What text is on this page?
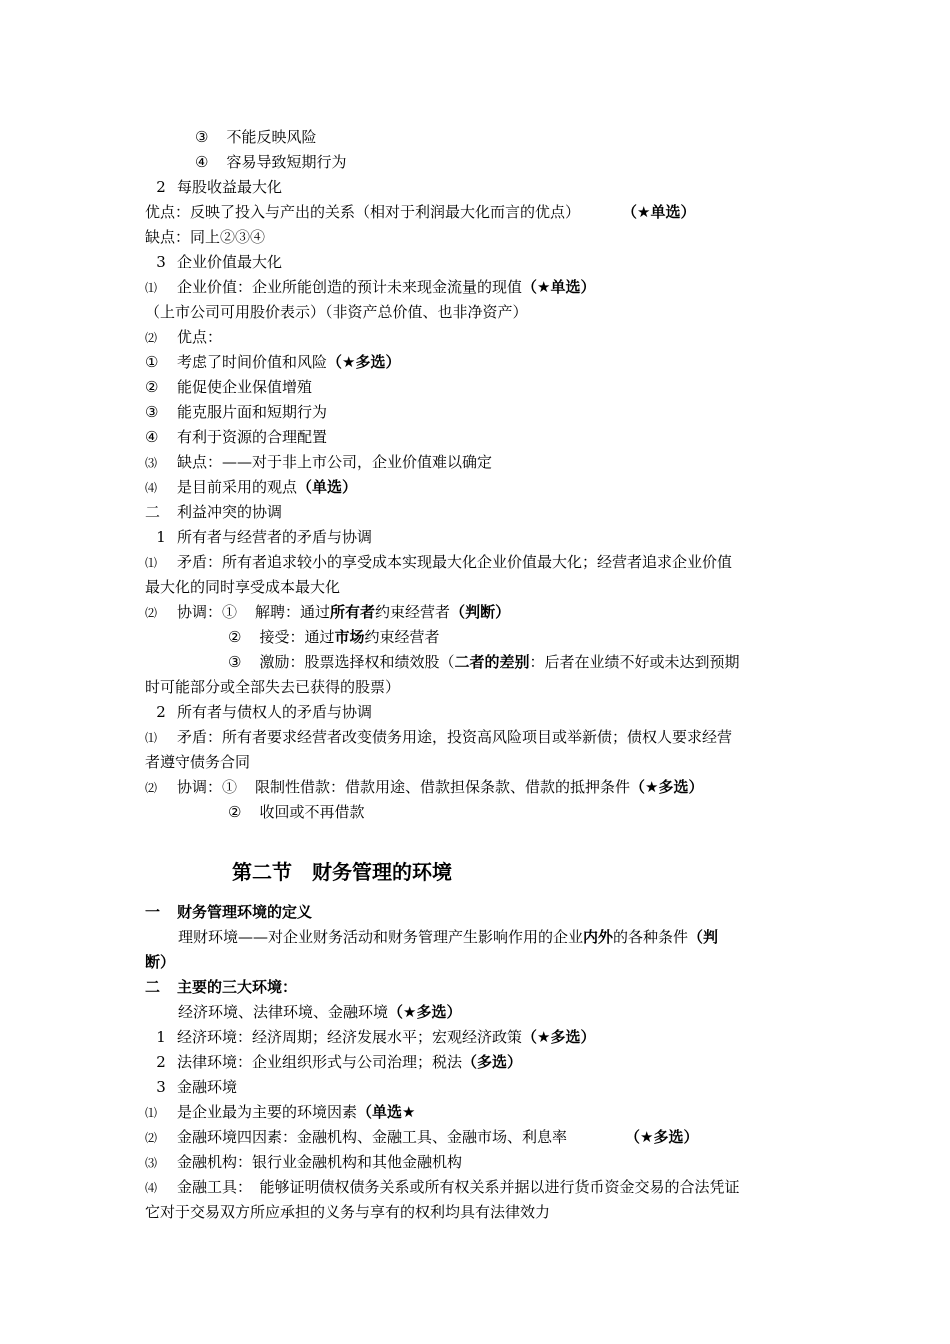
③ 不能反映风险
④ 容易导致短期行为
2 每股收益最大化
优点：反映了投入与产出的关系（相对于利润最大化而言的优点）	（★单选）
缺点：同上②③④
3 企业价值最大化
⑴ 企业价值：企业所能创造的预计未来现金流量的现值（★单选）
（上市公司可用股价表示）（非资产总价值、也非净资产）
⑵ 优点：
① 考虑了时间价值和风险（★多选）
② 能促使企业保值增殖
③ 能克服片面和短期行为
④ 有利于资源的合理配置
⑶ 缺点：——对于非上市公司，企业价值难以确定
⑷ 是目前采用的观点（单选）
二 利益冲突的协调
1 所有者与经营者的矛盾与协调
⑴ 矛盾：所有者追求较小的享受成本实现最大化企业价值最大化；经营者追求企业价值
最大化的同时享受成本最大化
⑵ 协调：① 解聘：通过所有者约束经营者（判断）
② 接受：通过市场约束经营者
③ 激励：股票选择权和绩效股（二者的差别：后者在业绩不好或未达到预期
时可能部分或全部失去已获得的股票）
2 所有者与债权人的矛盾与协调
⑴ 矛盾：所有者要求经营者改变债务用途，投资高风险项目或举新债；债权人要求经营
者遵守债务合同
⑵ 协调：① 限制性借款：借款用途、借款担保条款、借款的抵押条件（★多选）
② 收回或不再借款
第二节　财务管理的环境
一 财务管理环境的定义
理财环境——对企业财务活动和财务管理产生影响作用的企业内外的各种条件（判
断）
二 主要的三大环境：
经济环境、法律环境、金融环境（★多选）
1 经济环境：经济周期；经济发展水平；宏观经济政策（★多选）
2 法律环境：企业组织形式与公司治理；税法（多选）
3 金融环境
⑴ 是企业最为主要的环境因素（单选★
⑵ 金融环境四因素：金融机构、金融工具、金融市场、利息率	（★多选）
⑶ 金融机构：银行业金融机构和其他金融机构
⑷ 金融工具：　能够证明债权债务关系或所有权关系并据以进行货币资金交易的合法凭证
它对于交易双方所应承担的义务与享有的权利均具有法律效力
